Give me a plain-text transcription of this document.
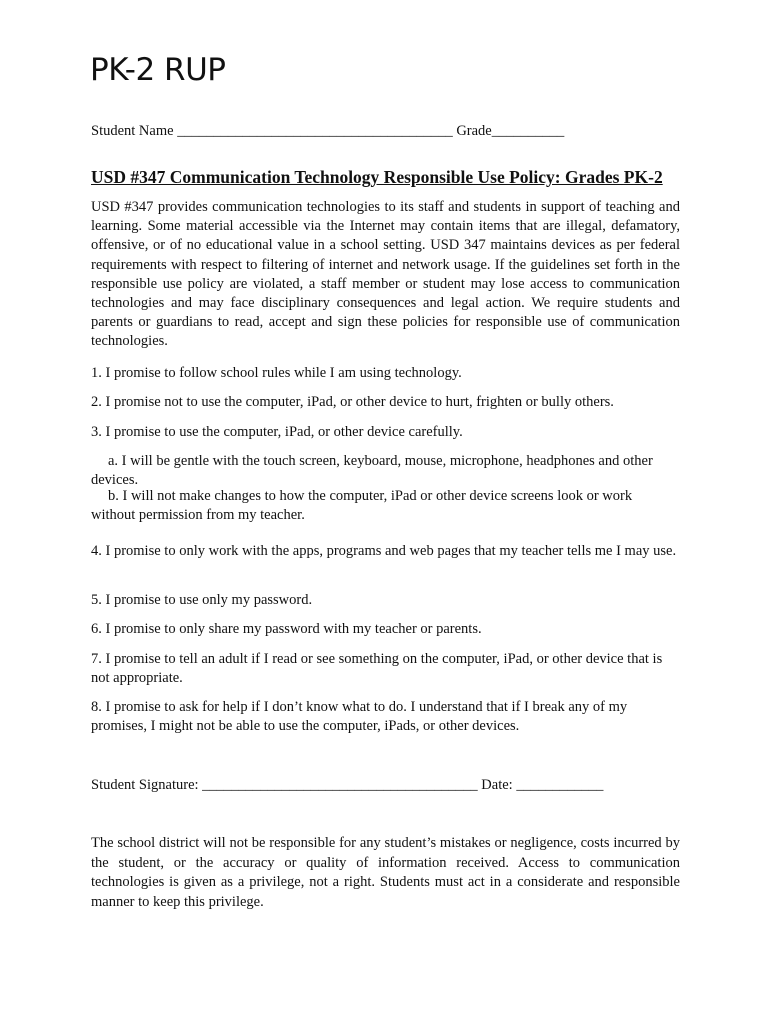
PK-2 RUP
Student Name ______________________________________ Grade__________
USD #347 Communication Technology Responsible Use Policy: Grades PK-2

USD #347 provides communication technologies to its staff and students in support of teaching and learning. Some material accessible via the Internet may contain items that are illegal, defamatory, offensive, or of no educational value in a school setting. USD 347 maintains devices as per federal requirements with respect to filtering of internet and network usage. If the guidelines set forth in the responsible use policy are violated, a staff member or student may lose access to communication technologies and may face disciplinary consequences and legal action. We require students and parents or guardians to read, accept and sign these policies for responsible use of communication technologies.

1. I promise to follow school rules while I am using technology.

2. I promise not to use the computer, iPad, or other device to hurt, frighten or bully others.

3. I promise to use the computer, iPad, or other device carefully.

a. I will be gentle with the touch screen, keyboard, mouse, microphone, headphones and other devices.

b. I will not make changes to how the computer, iPad or other device screens look or work without permission from my teacher.

4. I promise to only work with the apps, programs and web pages that my teacher tells me I may use.

5. I promise to use only my password.

6. I promise to only share my password with my teacher or parents.

7. I promise to tell an adult if I read or see something on the computer, iPad, or other device that is not appropriate.

8. I promise to ask for help if I don’t know what to do. I understand that if I break any of my promises, I might not be able to use the computer, iPads, or other devices.

Student Signature: ______________________________________ Date: ____________

The school district will not be responsible for any student’s mistakes or negligence, costs incurred by the student, or the accuracy or quality of information received. Access to communication technologies is given as a privilege, not a right. Students must act in a considerate and responsible manner to keep this privilege.
